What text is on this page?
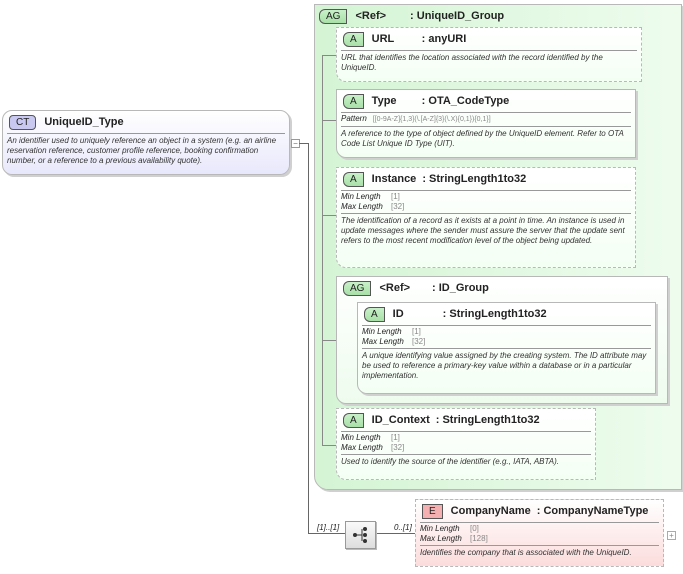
CT	UniqueID_Type
An identifier used to uniquely reference an object in a system (e.g. an airline reservation reference, customer profile reference, booking confirmation number, or a reference to a previous availability quote).
−
AG	<Ref> : UniqueID_Group
A	URL	: anyURI
URL that identifies the location associated with the record identified by the UniqueID.
A	Type	: OTA_CodeType
Pattern [[0-9A-Z]{1,3}(\.[A-Z]{3}(\.X){0,1}){0,1}]
A reference to the type of object defined by the UniqueID element. Refer to OTA Code List Unique ID Type (UIT).
A	Instance : StringLength1to32
Min Length [1]
Max Length [32]
The identification of a record as it exists at a point in time. An instance is used in update messages where the sender must assure the server that the update sent refers to the most recent modification level of the object being updated.
AG	<Ref> : ID_Group
A	ID	: StringLength1to32
Min Length [1]
Max Length [32]
A unique identifying value assigned by the creating system. The ID attribute may be used to reference a primary-key value within a database or in a particular implementation.
A	ID_Context : StringLength1to32
Min Length [1]
Max Length [32]
Used to identify the source of the identifier (e.g., IATA, ABTA).
[1]..[1]	0..[1]
E	CompanyName : CompanyNameType
Min Length [0]
Max Length [128]
Identifies the company that is associated with the UniqueID.
+
